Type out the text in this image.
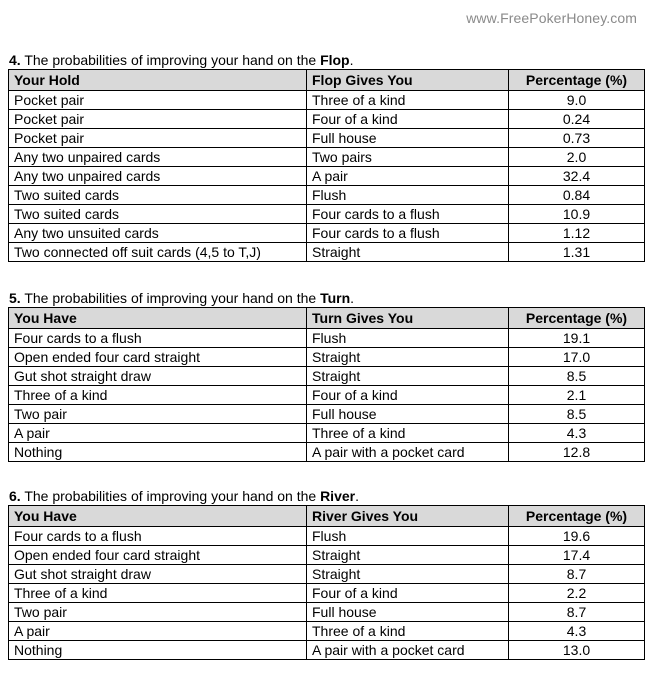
www.FreePokerHoney.com
4. The probabilities of improving your hand on the Flop.
Your Hold	Flop Gives You	Percentage (%)
Pocket pair	Three of a kind	9.0
Pocket pair	Four of a kind	0.24
Pocket pair	Full house	0.73
Any two unpaired cards	Two pairs	2.0
Any two unpaired cards	A pair	32.4
Two suited cards	Flush	0.84
Two suited cards	Four cards to a flush	10.9
Any two unsuited cards	Four cards to a flush	1.12
Two connected off suit cards (4,5 to T,J)	Straight	1.31
5. The probabilities of improving your hand on the Turn.
You Have	Turn Gives You	Percentage (%)
Four cards to a flush	Flush	19.1
Open ended four card straight	Straight	17.0
Gut shot straight draw	Straight	8.5
Three of a kind	Four of a kind	2.1
Two pair	Full house	8.5
A pair	Three of a kind	4.3
Nothing	A pair with a pocket card	12.8
6. The probabilities of improving your hand on the River.
You Have	River Gives You	Percentage (%)
Four cards to a flush	Flush	19.6
Open ended four card straight	Straight	17.4
Gut shot straight draw	Straight	8.7
Three of a kind	Four of a kind	2.2
Two pair	Full house	8.7
A pair	Three of a kind	4.3
Nothing	A pair with a pocket card	13.0
